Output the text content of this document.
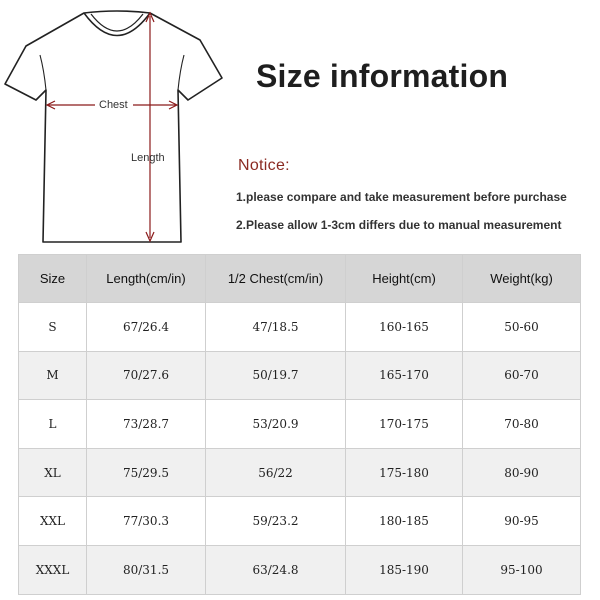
Chest
Length
Size information
Notice:
1.please compare and take measurement before purchase
2.Please allow 1-3cm differs due to manual measurement
Size	Length(cm/in)	1/2 Chest(cm/in)	Height(cm)	Weight(kg)
S	67/26.4	47/18.5	160-165	50-60
M	70/27.6	50/19.7	165-170	60-70
L	73/28.7	53/20.9	170-175	70-80
XL	75/29.5	56/22	175-180	80-90
XXL	77/30.3	59/23.2	180-185	90-95
XXXL	80/31.5	63/24.8	185-190	95-100
